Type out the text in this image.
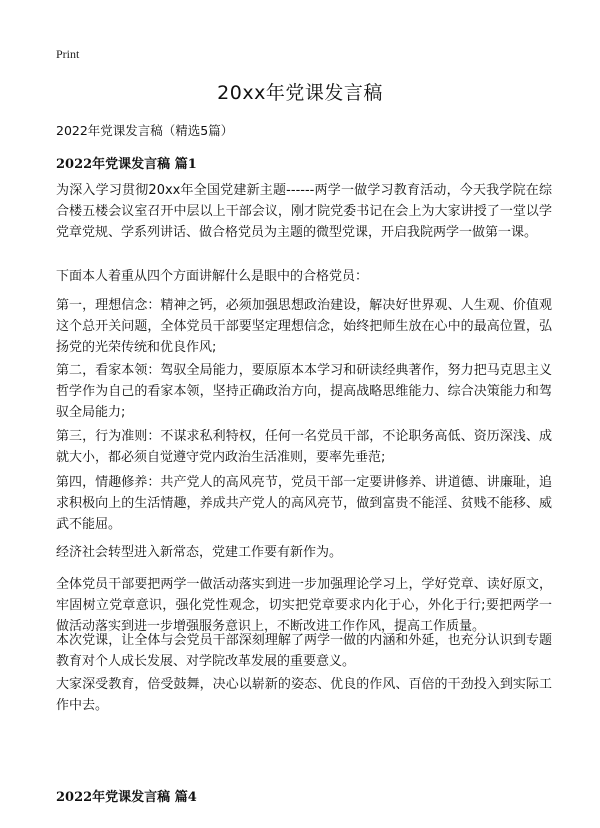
Print
20xx年党课发言稿
2022年党课发言稿（精选5篇）
2022年党课发言稿 篇1
为深入学习贯彻20xx年全国党建新主题------两学一做学习教育活动，今天我学院在综合楼五楼会议室召开中层以上干部会议，刚才院党委书记在会上为大家讲授了一堂以学党章党规、学系列讲话、做合格党员为主题的微型党课，开启我院两学一做第一课。
下面本人着重从四个方面讲解什么是眼中的合格党员：
第一，理想信念：精神之钙，必须加强思想政治建设，解决好世界观、人生观、价值观这个总开关问题，全体党员干部要坚定理想信念，始终把师生放在心中的最高位置，弘扬党的光荣传统和优良作风;
第二，看家本领：驾驭全局能力，要原原本本学习和研读经典著作，努力把马克思主义哲学作为自己的看家本领，坚持正确政治方向，提高战略思维能力、综合决策能力和驾驭全局能力;
第三，行为准则：不谋求私利特权，任何一名党员干部，不论职务高低、资历深浅、成就大小，都必须自觉遵守党内政治生活准则，要率先垂范;
第四，情趣修养：共产党人的高风亮节，党员干部一定要讲修养、讲道德、讲廉耻，追求积极向上的生活情趣，养成共产党人的高风亮节，做到富贵不能淫、贫贱不能移、威武不能屈。
经济社会转型进入新常态，党建工作要有新作为。
全体党员干部要把两学一做活动落实到进一步加强理论学习上，学好党章、读好原文，牢固树立党章意识，强化党性观念，切实把党章要求内化于心，外化于行;要把两学一做活动落实到进一步增强服务意识上，不断改进工作作风，提高工作质量。
本次党课，让全体与会党员干部深刻理解了两学一做的内涵和外延，也充分认识到专题教育对个人成长发展、对学院改革发展的重要意义。
大家深受教育，倍受鼓舞，决心以崭新的姿态、优良的作风、百倍的干劲投入到实际工作中去。
2022年党课发言稿 篇4
